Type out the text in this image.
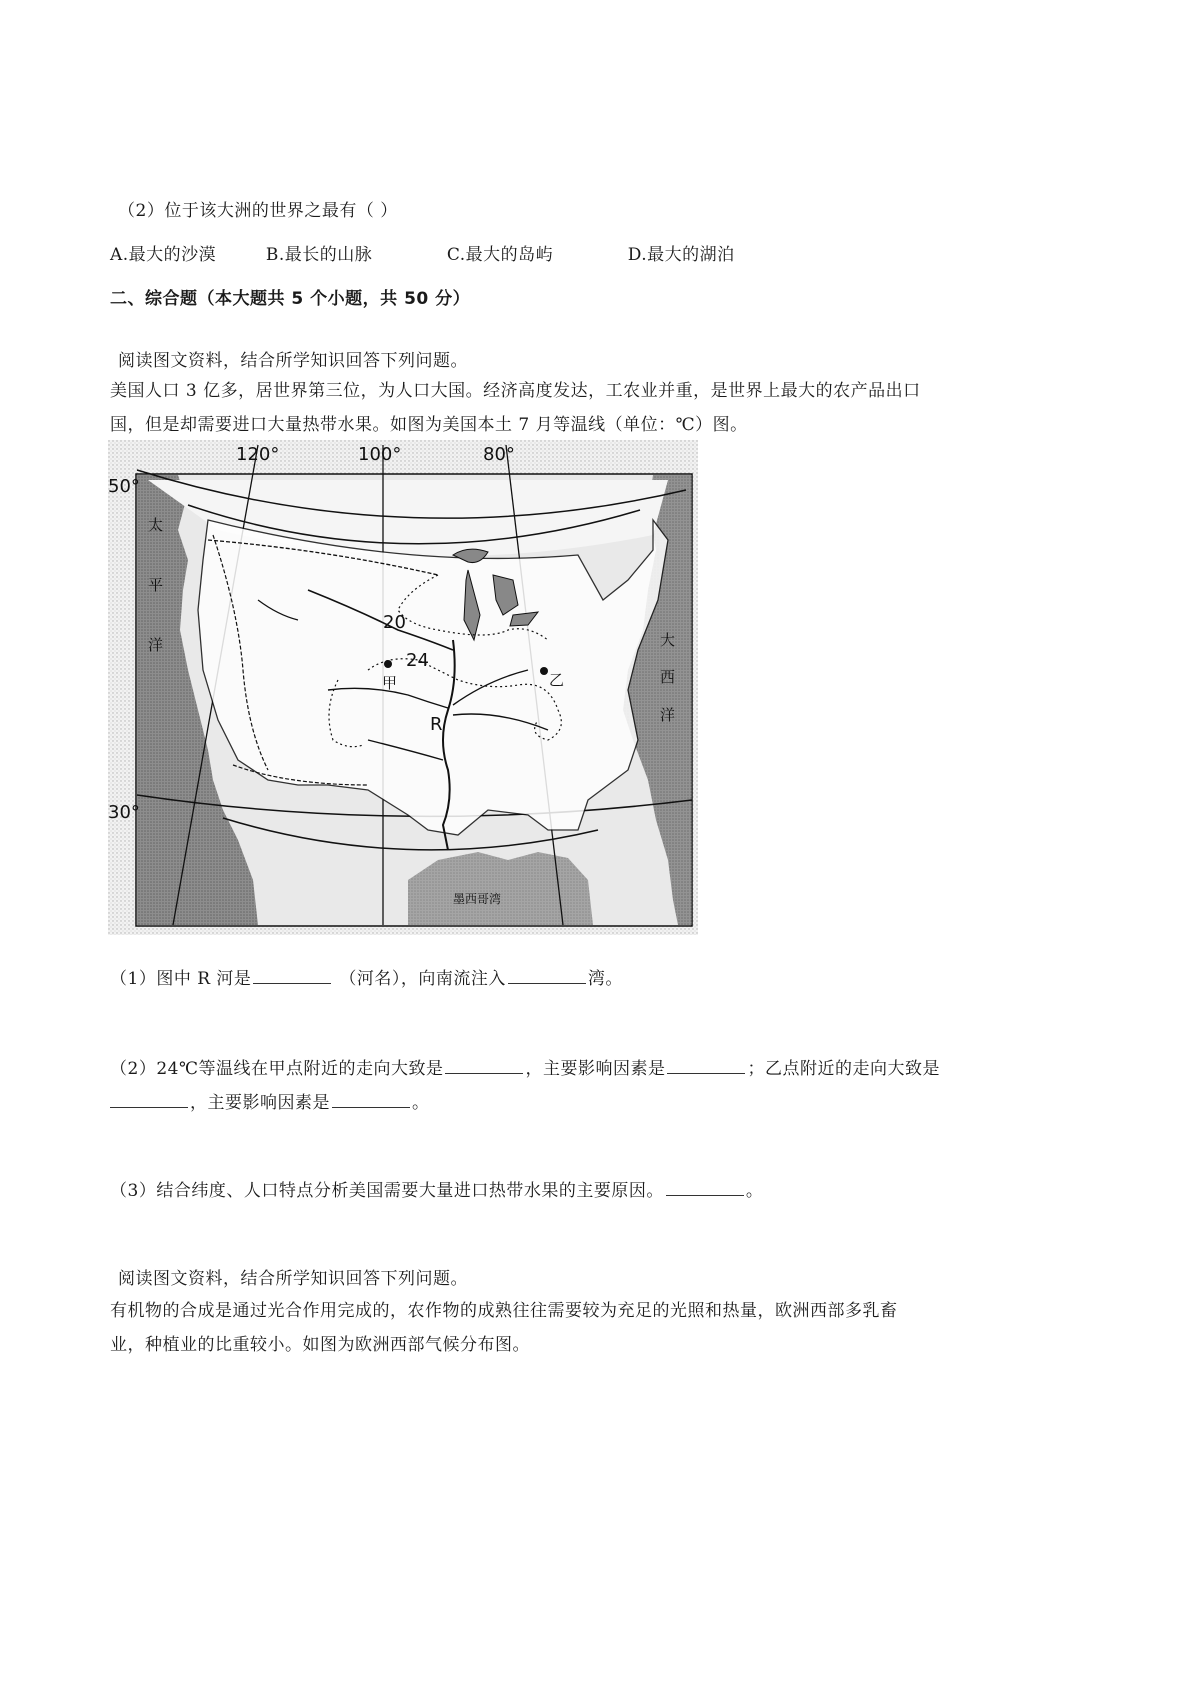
（2）位于该大洲的世界之最有（ ）
A.最大的沙漠	B.最长的山脉	C.最大的岛屿	D.最大的湖泊
二、综合题（本大题共 5 个小题，共 50 分）
阅读图文资料，结合所学知识回答下列问题。
美国人口 3 亿多，居世界第三位，为人口大国。经济高度发达，工农业并重，是世界上最大的农产品出口
国，但是却需要进口大量热带水果。如图为美国本土 7 月等温线（单位：℃）图。
120°	100°	80°
50°
30°
20
24
甲	乙
R
太
平
洋	大
西
洋
墨西哥湾
（1）图中 R 河是	（河名），向南流注入	湾。
（2）24℃等温线在甲点附近的走向大致是	，主要影响因素是	；乙点附近的走向大致是
，主要影响因素是	。
（3）结合纬度、人口特点分析美国需要大量进口热带水果的主要原因。	。
阅读图文资料，结合所学知识回答下列问题。
有机物的合成是通过光合作用完成的，农作物的成熟往往需要较为充足的光照和热量，欧洲西部多乳畜
业，种植业的比重较小。如图为欧洲西部气候分布图。
